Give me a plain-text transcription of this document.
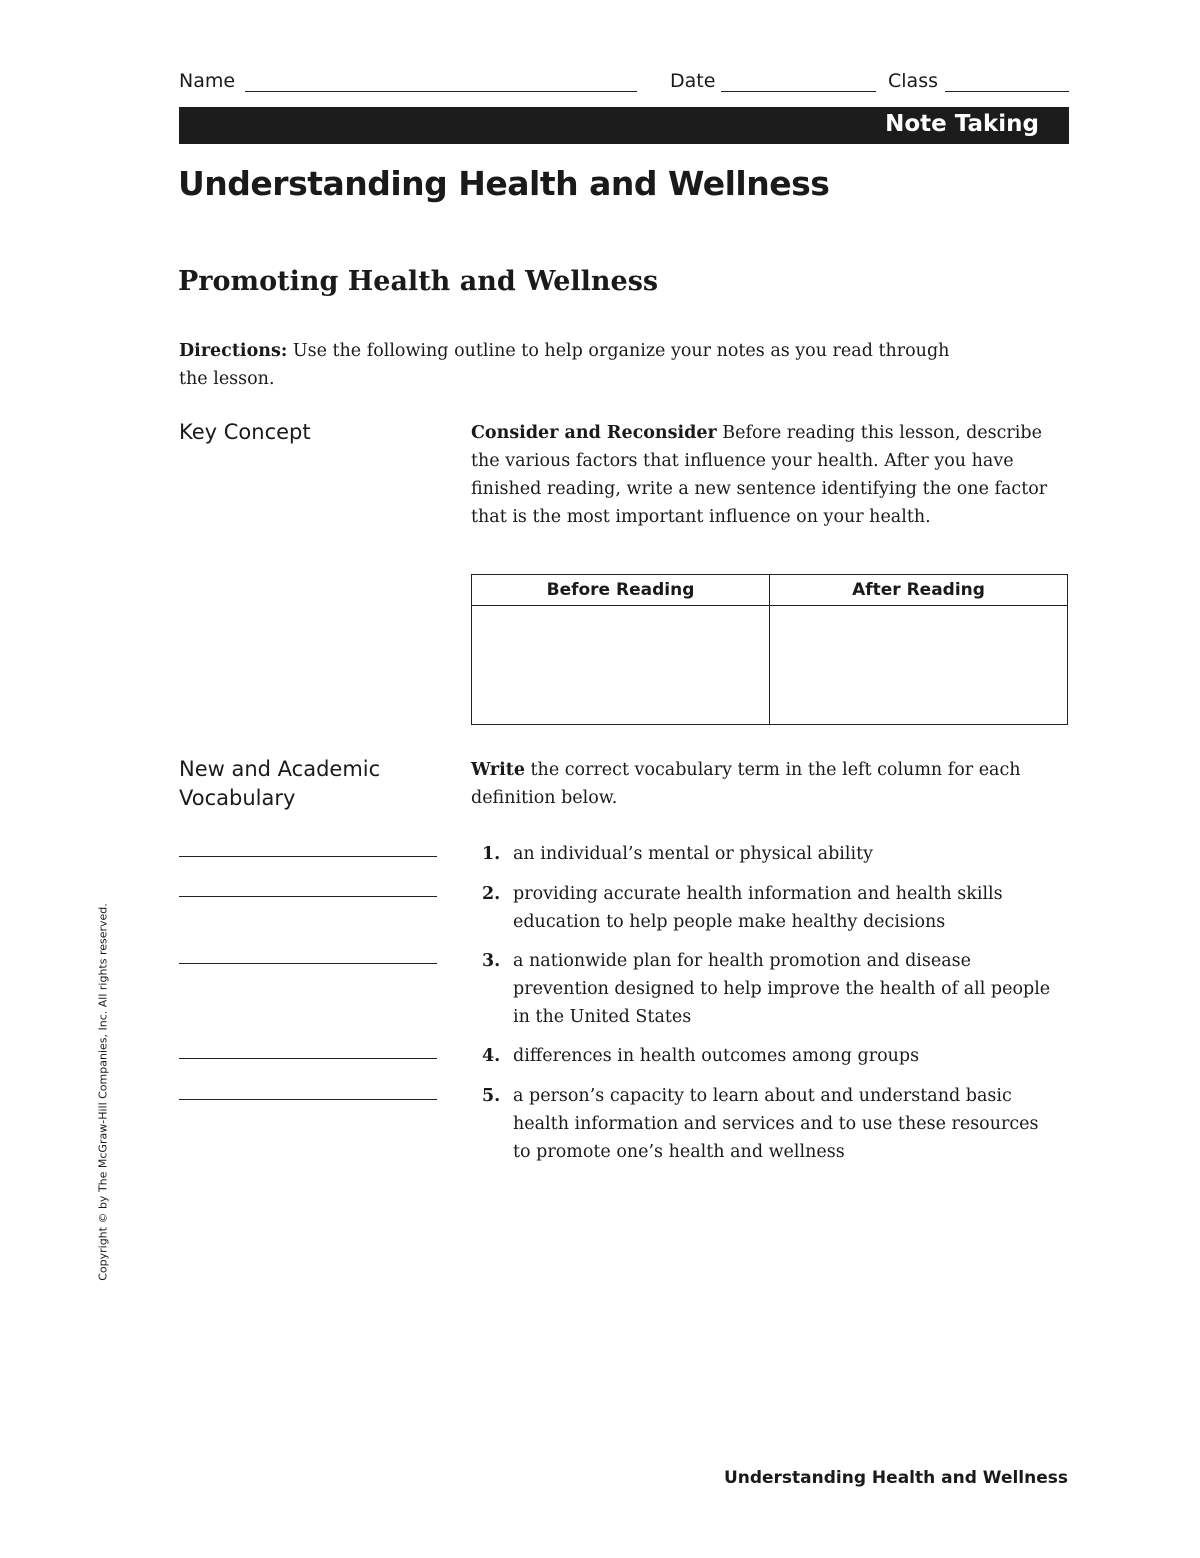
Name	Date	Class
Note Taking
Understanding Health and Wellness
Promoting Health and Wellness
Directions: Use the following outline to help organize your notes as you read through the lesson.
Key Concept	Consider and Reconsider Before reading this lesson, describe the various factors that influence your health. After you have finished reading, write a new sentence identifying the one factor that is the most important influence on your health.
Before Reading	After Reading
New and Academic Vocabulary
Write the correct vocabulary term in the left column for each definition below.
1. an individual’s mental or physical ability
2. providing accurate health information and health skills education to help people make healthy decisions
3. a nationwide plan for health promotion and disease prevention designed to help improve the health of all people in the United States
4. differences in health outcomes among groups
5. a person’s capacity to learn about and understand basic health information and services and to use these resources to promote one’s health and wellness
Copyright © by The McGraw-Hill Companies, Inc. All rights reserved.
Understanding Health and Wellness
